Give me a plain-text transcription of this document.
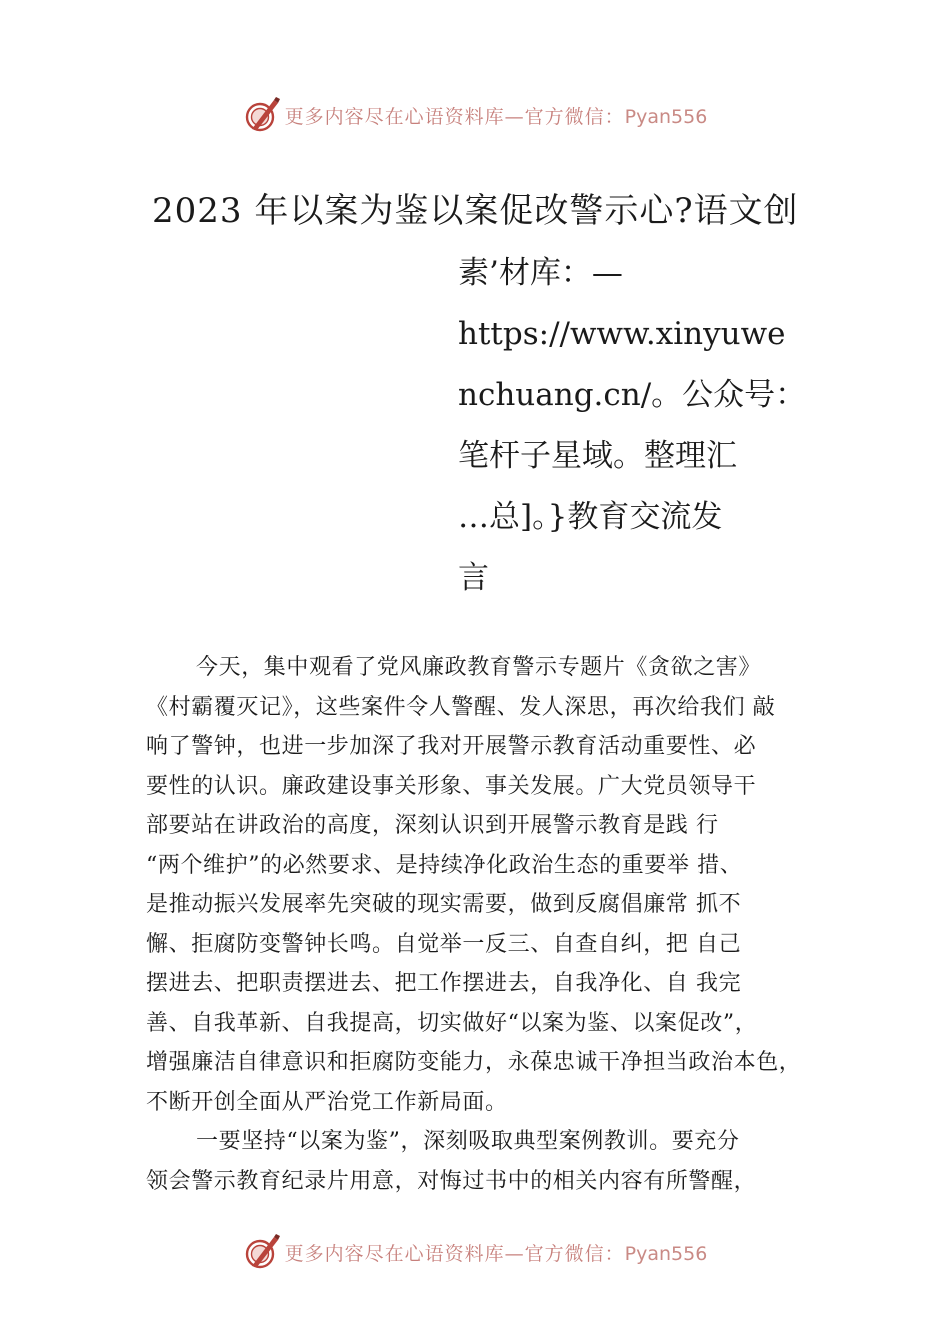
更多内容尽在心语资料库—官方微信：Pyan556
2023 年以案为鉴以案促改警示心?语文创
素’材库：—
https://www.xinyuwe
nchuang.cn/。公众号：
笔杆子星域。整理汇
…总]。}教育交流发
言

今天，集中观看了党风廉政教育警示专题片《贪欲之害》

《村霸覆灭记》，这些案件令人警醒、发人深思，再次给我们 敲

响了警钟，也进一步加深了我对开展警示教育活动重要性、必

要性的认识。廉政建设事关形象、事关发展。广大党员领导干

部要站在讲政治的高度，深刻认识到开展警示教育是践 行

“两个维护”的必然要求、是持续净化政治生态的重要举 措、

是推动振兴发展率先突破的现实需要，做到反腐倡廉常 抓不

懈、拒腐防变警钟长鸣。自觉举一反三、自查自纠，把 自己

摆进去、把职责摆进去、把工作摆进去，自我净化、自 我完

善、自我革新、自我提高，切实做好“以案为鉴、以案促改”，

增强廉洁自律意识和拒腐防变能力，永葆忠诚干净担当政治本色，

不断开创全面从严治党工作新局面。

一要坚持“以案为鉴”，深刻吸取典型案例教训。要充分

领会警示教育纪录片用意，对悔过书中的相关内容有所警醒，

更多内容尽在心语资料库—官方微信：Pyan556
